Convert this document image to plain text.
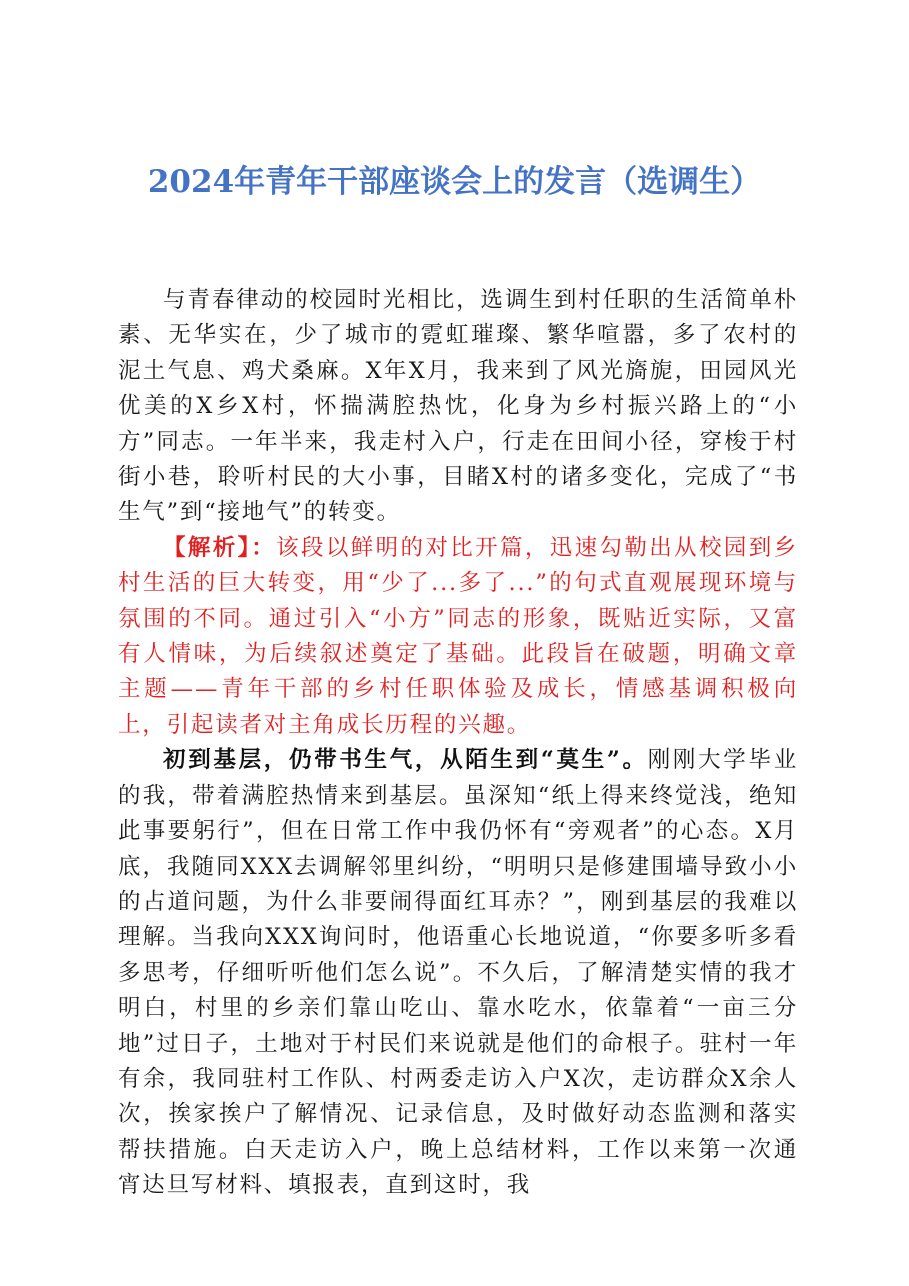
2024年青年干部座谈会上的发言（选调生）

与青春律动的校园时光相比，选调生到村任职的生活简单朴素、无华实在，少了城市的霓虹璀璨、繁华喧嚣，多了农村的泥土气息、鸡犬桑麻。X年X月，我来到了风光旖旎，田园风光优美的X乡X村，怀揣满腔热忱，化身为乡村振兴路上的“小方”同志。一年半来，我走村入户，行走在田间小径，穿梭于村街小巷，聆听村民的大小事，目睹X村的诸多变化，完成了“书生气”到“接地气”的转变。

【解析】：该段以鲜明的对比开篇，迅速勾勒出从校园到乡村生活的巨大转变，用“少了...多了...”的句式直观展现环境与氛围的不同。通过引入“小方”同志的形象，既贴近实际，又富有人情味，为后续叙述奠定了基础。此段旨在破题，明确文章主题——青年干部的乡村任职体验及成长，情感基调积极向上，引起读者对主角成长历程的兴趣。

初到基层，仍带书生气，从陌生到“莫生”。刚刚大学毕业的我，带着满腔热情来到基层。虽深知“纸上得来终觉浅，绝知此事要躬行”，但在日常工作中我仍怀有“旁观者”的心态。X月底，我随同XXX去调解邻里纠纷，“明明只是修建围墙导致小小的占道问题，为什么非要闹得面红耳赤？”，刚到基层的我难以理解。当我向XXX询问时，他语重心长地说道，“你要多听多看多思考，仔细听听他们怎么说”。不久后，了解清楚实情的我才明白，村里的乡亲们靠山吃山、靠水吃水，依靠着“一亩三分地”过日子，土地对于村民们来说就是他们的命根子。驻村一年有余，我同驻村工作队、村两委走访入户X次，走访群众X余人次，挨家挨户了解情况、记录信息，及时做好动态监测和落实帮扶措施。白天走访入户，晚上总结材料，工作以来第一次通宵达旦写材料、填报表，直到这时，我
